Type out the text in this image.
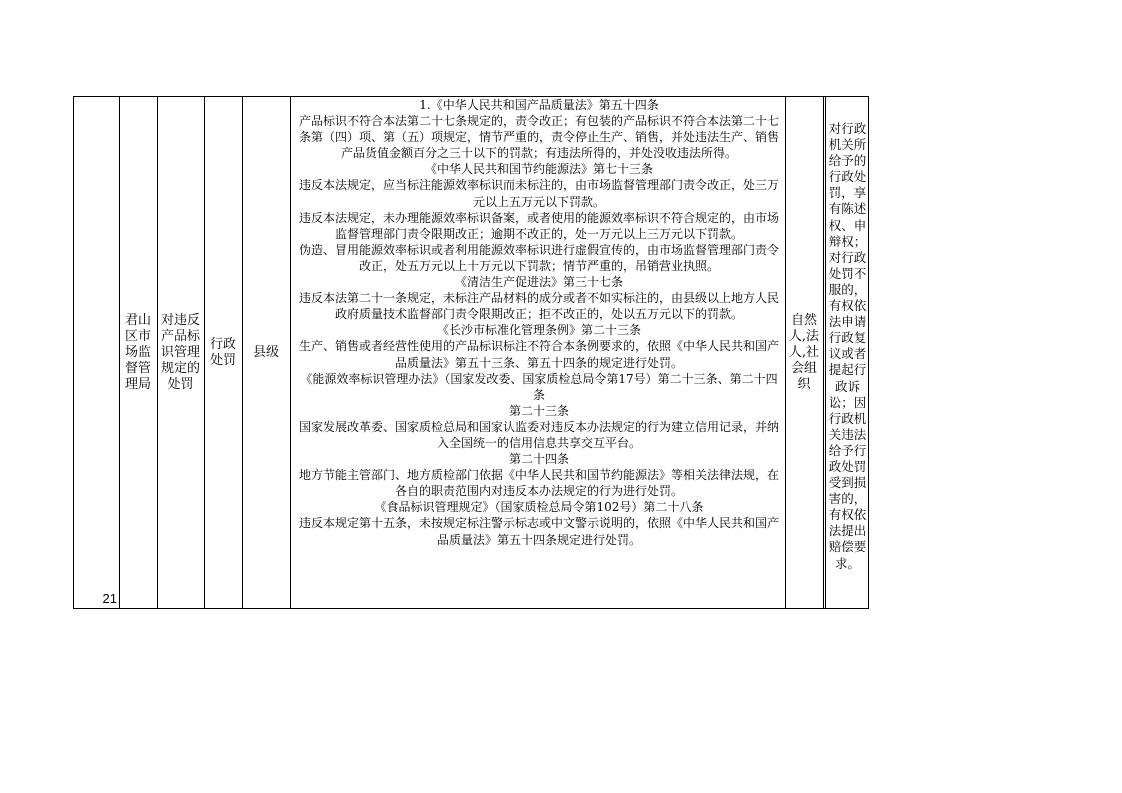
21
君山
区市
场监
督管
理局
对违反
产品标
识管理
规定的
处罚
行政
处罚
县级
1.《中华人民共和国产品质量法》第五十四条
产品标识不符合本法第二十七条规定的，责令改正；有包装的产品标识不符合本法第二十七条第（四）项、第（五）项规定，情节严重的，责令停止生产、销售，并处违法生产、销售产品货值金额百分之三十以下的罚款；有违法所得的，并处没收违法所得。
《中华人民共和国节约能源法》第七十三条
违反本法规定，应当标注能源效率标识而未标注的，由市场监督管理部门责令改正，处三万元以上五万元以下罚款。
违反本法规定，未办理能源效率标识备案，或者使用的能源效率标识不符合规定的，由市场监督管理部门责令限期改正；逾期不改正的，处一万元以上三万元以下罚款。
伪造、冒用能源效率标识或者利用能源效率标识进行虚假宣传的，由市场监督管理部门责令改正，处五万元以上十万元以下罚款；情节严重的，吊销营业执照。
《清洁生产促进法》第三十七条
违反本法第二十一条规定，未标注产品材料的成分或者不如实标注的，由县级以上地方人民政府质量技术监督部门责令限期改正；拒不改正的，处以五万元以下的罚款。
《长沙市标准化管理条例》第二十三条
生产、销售或者经营性使用的产品标识标注不符合本条例要求的，依照《中华人民共和国产品质量法》第五十三条、第五十四条的规定进行处罚。
《能源效率标识管理办法》（国家发改委、国家质检总局令第17号）第二十三条、第二十四条
第二十三条
国家发展改革委、国家质检总局和国家认监委对违反本办法规定的行为建立信用记录，并纳入全国统一的信用信息共享交互平台。
第二十四条
地方节能主管部门、地方质检部门依据《中华人民共和国节约能源法》等相关法律法规，在各自的职责范围内对违反本办法规定的行为进行处罚。
《食品标识管理规定》（国家质检总局令第102号）第二十八条
违反本规定第十五条，未按规定标注警示标志或中文警示说明的，依照《中华人民共和国产品质量法》第五十四条规定进行处罚。
自然
人,法
人,社
会组
织
对行政
机关所
给予的
行政处
罚，享
有陈述
权、申
辩权；
对行政
处罚不
服的，
有权依
法申请
行政复
议或者
提起行
政诉
讼；因
行政机
关违法
给予行
政处罚
受到损
害的，
有权依
法提出
赔偿要
求。
